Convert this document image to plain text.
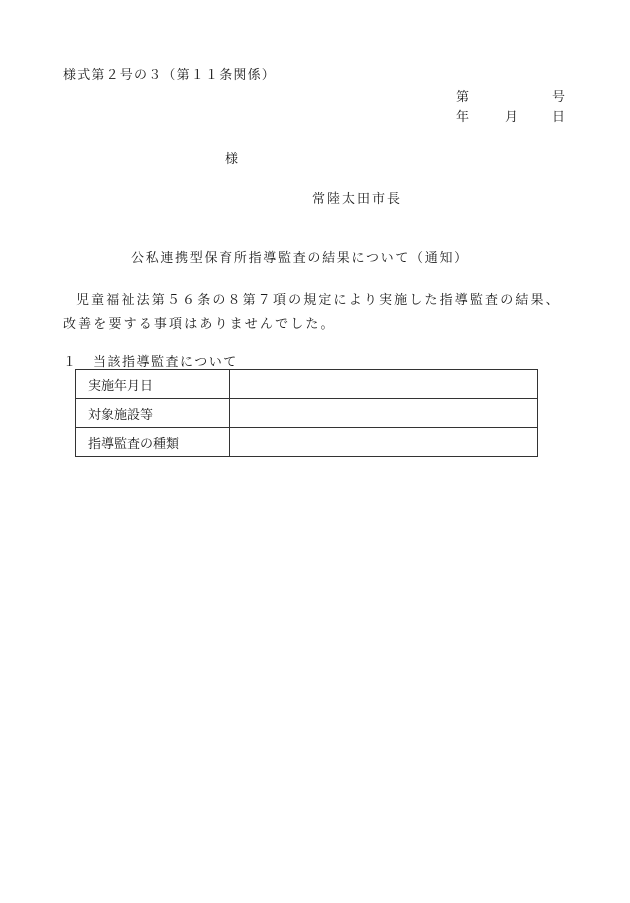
様式第２号の３（第１１条関係）
第	号
年	月	日
様
常陸太田市長
公私連携型保育所指導監査の結果について（通知）
児童福祉法第５６条の８第７項の規定により実施した指導監査の結果、改善を要する事項はありませんでした。
１ 当該指導監査について
実施年月日	
対象施設等	
指導監査の種類	
